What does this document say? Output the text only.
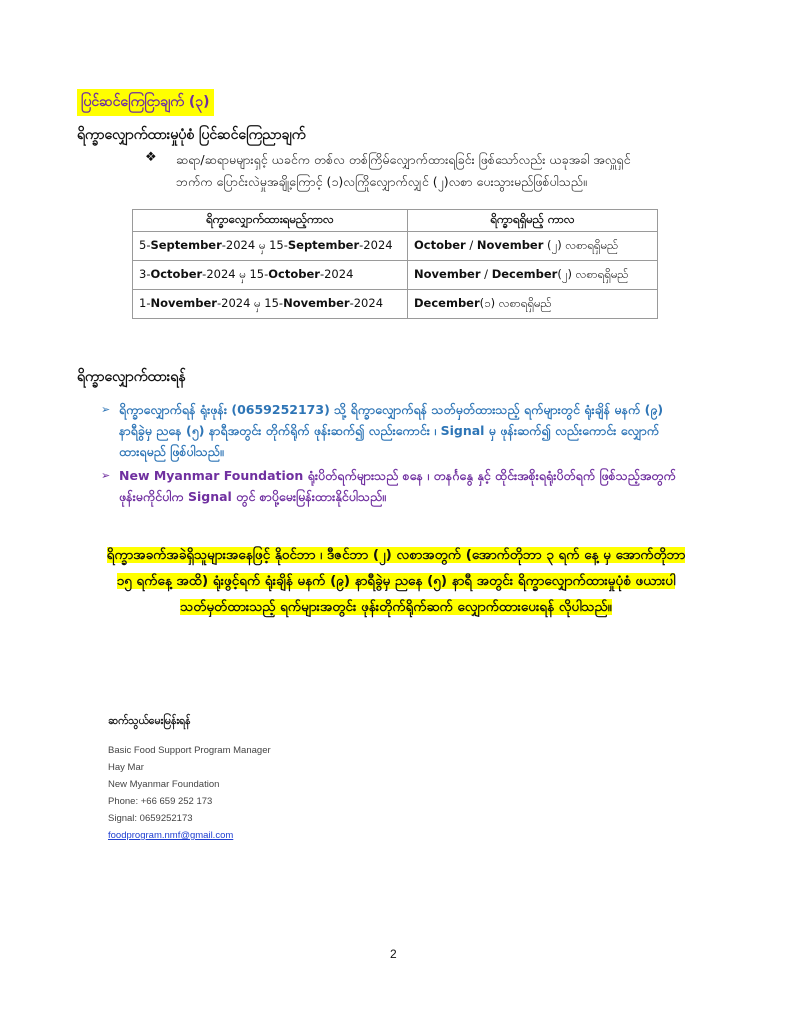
ပြင်ဆင်ကြေငြာချက် (၃)
ရိက္ခာလျှောက်ထားမှုပုံစံ ပြင်ဆင်ကြေညာချက်
❖ ဆရာ/ဆရာမများရှင့် ယခင်က တစ်လ တစ်ကြိမ်လျှောက်ထားရခြင်း ဖြစ်သော်လည်း ယခုအခါ အလှူရှင်
ဘက်က ပြောင်းလဲမှုအချို့ကြောင့် (၁)လကြိုလျှောက်လျှင် (၂)လစာ ပေးသွားမည်ဖြစ်ပါသည်။
ရိက္ခာလျှောက်ထားရမည့်ကာလ	ရိက္ခာရရှိမည့် ကာလ
5-September-2024 မှ 15-September-2024	October / November (၂) လစာရရှိမည်
3-October-2024 မှ 15-October-2024	November / December(၂) လစာရရှိမည်
1-November-2024 မှ 15-November-2024	December(၁) လစာရရှိမည်
ရိက္ခာလျှောက်ထားရန်
➢ ရိက္ခာလျှောက်ရန် ရုံးဖုန်း (0659252173) သို့ ရိက္ခာလျှောက်ရန် သတ်မှတ်ထားသည့် ရက်များတွင် ရုံးချိန် မနက် (၉)
နာရီခွဲမှ ညနေ (၅) နာရီအတွင်း တိုက်ရိုက် ဖုန်းဆက်၍ လည်းကောင်း ၊ Signal မှ ဖုန်းဆက်၍ လည်းကောင်း လျှောက်
ထားရမည် ဖြစ်ပါသည်။
➢ New Myanmar Foundation ရုံးပိတ်ရက်များသည် စနေ ၊ တနင်္ဂနွေ နှင့် ထိုင်းအစိုးရရုံးပိတ်ရက် ဖြစ်သည့်အတွက်
ဖုန်းမကိုင်ပါက Signal တွင် စာပို့မေးမြန်းထားနိုင်ပါသည်။
ရိက္ခာအခက်အခဲရှိသူများအနေဖြင့် နိုဝင်ဘာ ၊ ဒီဇင်ဘာ (၂) လစာအတွက် (အောက်တိုဘာ ၃ ရက် နေ့ မှ အောက်တိုဘာ
၁၅ ရက်နေ့ အထိ) ရုံးဖွင့်ရက် ရုံးချိန် မနက် (၉) နာရီခွဲမှ ညနေ (၅) နာရီ အတွင်း ရိက္ခာလျှောက်ထားမှုပုံစံ ဖယားပါ
သတ်မှတ်ထားသည့် ရက်များအတွင်း ဖုန်းတိုက်ရိုက်ဆက် လျှောက်ထားပေးရန် လိုပါသည်။
ဆက်သွယ်မေးမြန်းရန်
Basic Food Support Program Manager
Hay Mar
New Myanmar Foundation
Phone: +66 659 252 173
Signal: 0659252173
foodprogram.nmf@gmail.com
2
